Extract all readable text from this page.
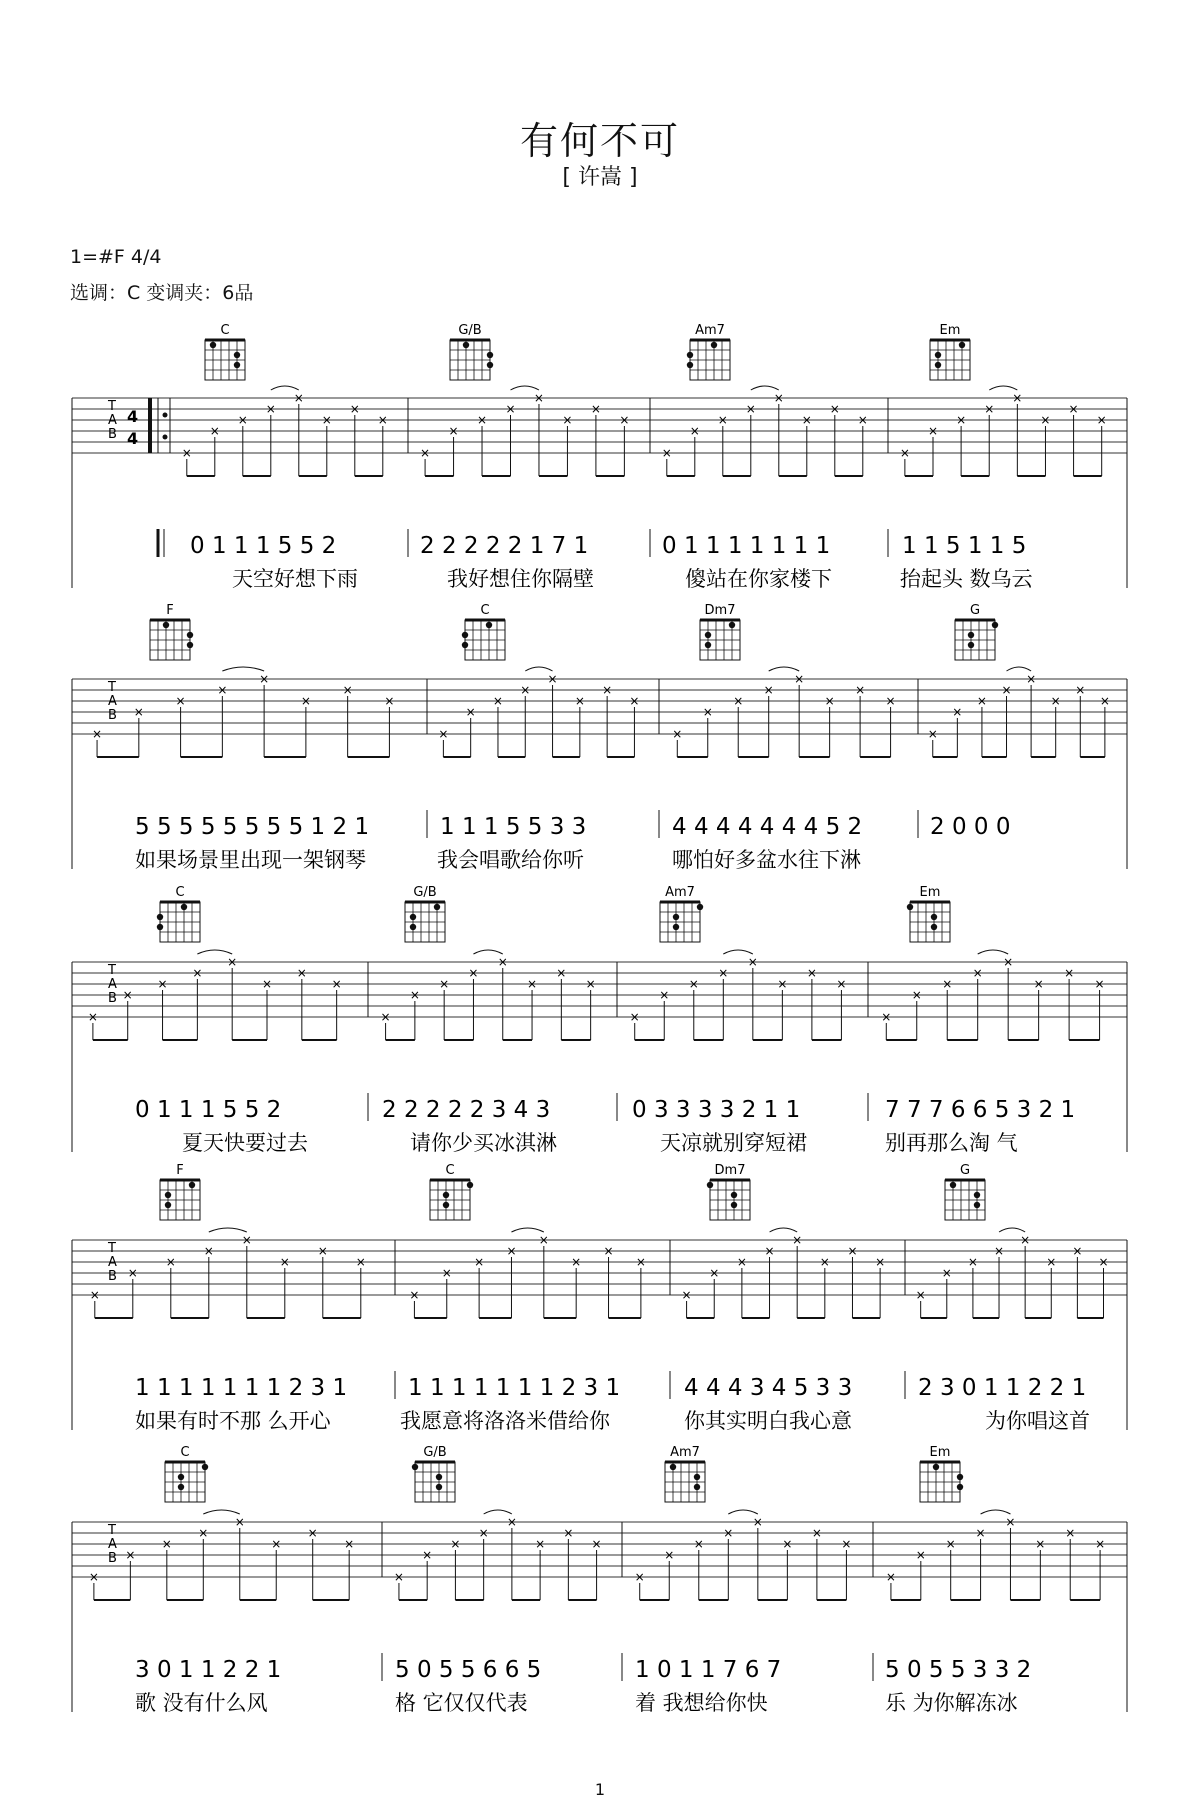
有何不可
[ 许嵩 ]
1=#F 4/4
选调：C 变调夹：6品
T
A
B
4
4
×
×
×
×
×
×
×
×
×
×
×
×
×
×
×
×
×
×
×
×
×
×
×
×
×
×
×
×
×
×
×
×
C	G/B	Am7	Em
0 1 1 1 5 5 2	2 2 2 2 2 1 7 1	0 1 1 1 1 1 1 1	1 1 5 1 1 5
天空好想下雨	我好想住你隔壁	傻站在你家楼下	抬起头 数乌云
T
A
B
×
×
×
×
×
×
×
×
×
×
×
×
×
×
×
×
×
×
×
×
×
×
×
×
×
×
×
×
×
×
×
×
F	C	Dm7	G
5 5 5 5 5 5 5 5 1 2 1	1 1 1 5 5 3 3	4 4 4 4 4 4 4 5 2	2 0 0 0
如果场景里出现一架钢琴	我会唱歌给你听	哪怕好多盆水往下淋
T
A
B
×
×
×
×
×
×
×
×
×
×
×
×
×
×
×
×
×
×
×
×
×
×
×
×
×
×
×
×
×
×
×
×
C	G/B	Am7	Em
0 1 1 1 5 5 2	2 2 2 2 2 3 4 3	0 3 3 3 3 2 1 1	7 7 7 6 6 5 3 2 1
夏天快要过去	请你少买冰淇淋	天凉就别穿短裙	别再那么淘 气
T
A
B
×
×
×
×
×
×
×
×
×
×
×
×
×
×
×
×
×
×
×
×
×
×
×
×
×
×
×
×
×
×
×
×
F	C	Dm7	G
1 1 1 1 1 1 1 2 3 1	1 1 1 1 1 1 1 2 3 1	4 4 4 3 4 5 3 3	2 3 0 1 1 2 2 1
如果有时不那 么开心	我愿意将洛洛米借给你	你其实明白我心意	为你唱这首
T
A
B
×
×
×
×
×
×
×
×
×
×
×
×
×
×
×
×
×
×
×
×
×
×
×
×
×
×
×
×
×
×
×
×
C	G/B	Am7	Em
3 0 1 1 2 2 1	5 0 5 5 6 6 5	1 0 1 1 7 6 7	5 0 5 5 3 3 2
歌 没有什么风	格 它仅仅代表	着 我想给你快	乐 为你解冻冰
1
